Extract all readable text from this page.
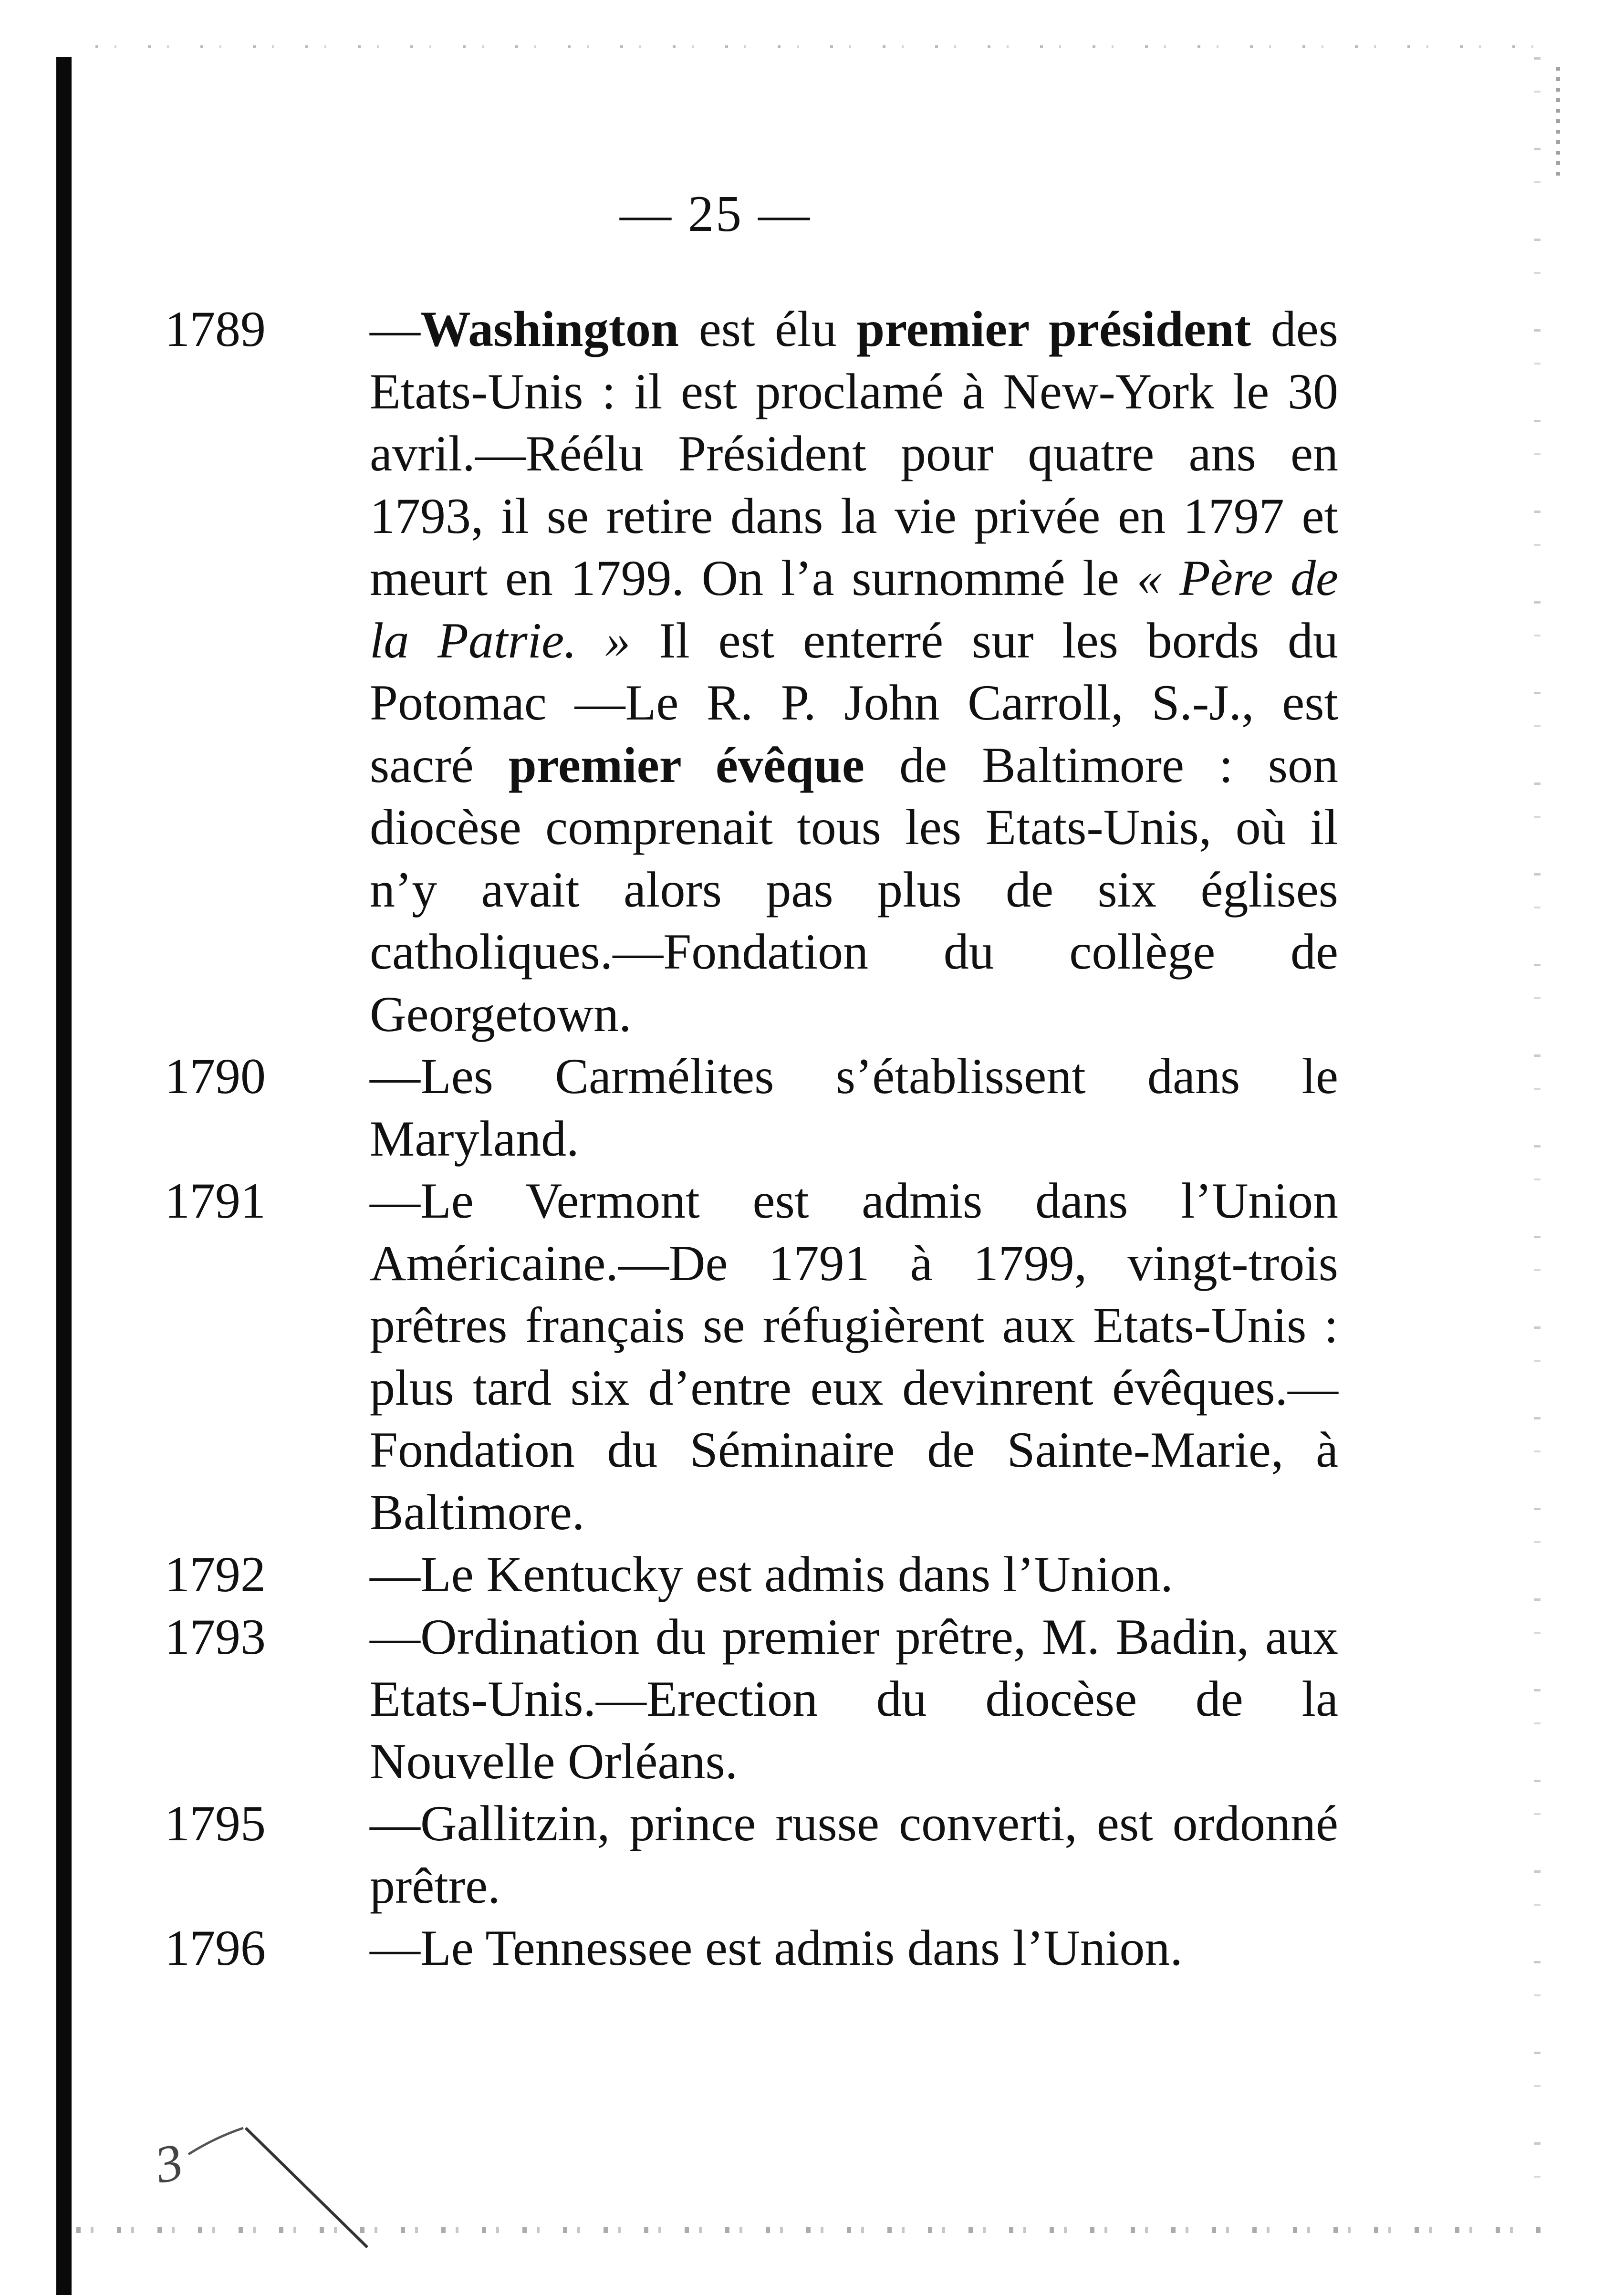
— 25 —

1789 —Washington est élu premier président des Etats-Unis : il est proclamé à New-York le 30 avril.—Réélu Président pour quatre ans en 1793, il se retire dans la vie privée en 1797 et meurt en 1799. On l’a surnommé le « Père de la Patrie. » Il est enterré sur les bords du Potomac —Le R. P. John Carroll, S.-J., est sacré premier évêque de Baltimore : son diocèse comprenait tous les Etats-Unis, où il n’y avait alors pas plus de six églises catholiques.—Fondation du collège de Georgetown.

1790 —Les Carmélites s’établissent dans le Maryland.

1791 —Le Vermont est admis dans l’Union Américaine.—De 1791 à 1799, vingt-trois prêtres français se réfugièrent aux Etats-Unis : plus tard six d’entre eux devinrent évêques.—Fondation du Séminaire de Sainte-Marie, à Baltimore.

1792 —Le Kentucky est admis dans l’Union.

1793 —Ordination du premier prêtre, M. Badin, aux Etats-Unis.—Erection du diocèse de la Nouvelle Orléans.

1795 —Gallitzin, prince russe converti, est ordonné prêtre.

1796 —Le Tennessee est admis dans l’Union.

3
